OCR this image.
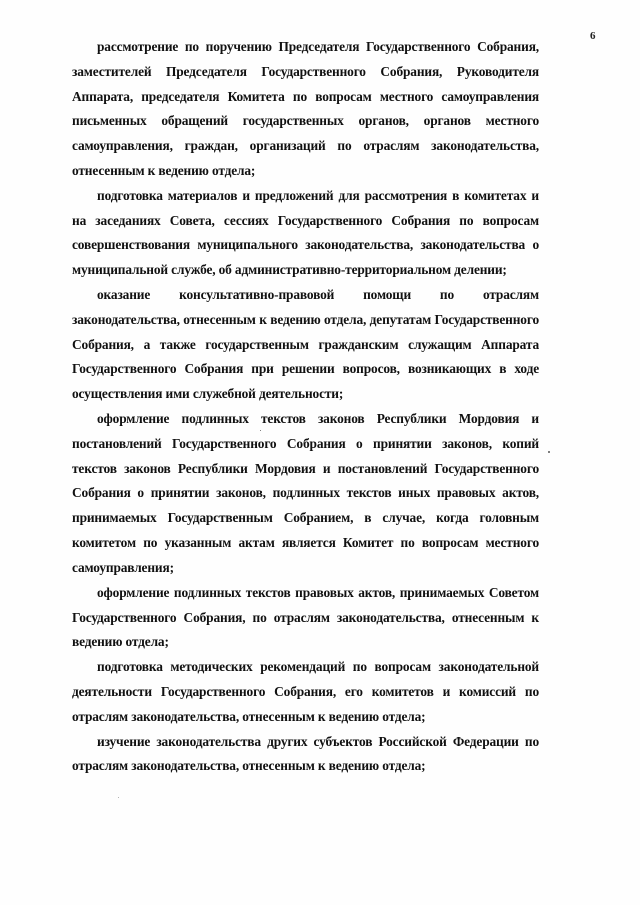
6

рассмотрение по поручению Председателя Государственного Собрания, заместителей Председателя Государственного Собрания, Руководителя Аппарата, председателя Комитета по вопросам местного самоуправления письменных обращений государственных органов, органов местного самоуправления, граждан, организаций по отраслям законодательства, отнесенным к ведению отдела;

подготовка материалов и предложений для рассмотрения в комитетах и на заседаниях Совета, сессиях Государственного Собрания по вопросам совершенствования муниципального законодательства, законодательства о муниципальной службе, об административно-территориальном делении;

оказание консультативно-правовой помощи по отраслям законодательства, отнесенным к ведению отдела, депутатам Государственного Собрания, а также государственным гражданским служащим Аппарата Государственного Собрания при решении вопросов, возникающих в ходе осуществления ими служебной деятельности;

оформление подлинных текстов законов Республики Мордовия и постановлений Государственного Собрания о принятии законов, копий текстов законов Республики Мордовия и постановлений Государственного Собрания о принятии законов, подлинных текстов иных правовых актов, принимаемых Государственным Собранием, в случае, когда головным комитетом по указанным актам является Комитет по вопросам местного самоуправления;

оформление подлинных текстов правовых актов, принимаемых Советом Государственного Собрания, по отраслям законодательства, отнесенным к ведению отдела;

подготовка методических рекомендаций по вопросам законодательной деятельности Государственного Собрания, его комитетов и комиссий по отраслям законодательства, отнесенным к ведению отдела;

изучение законодательства других субъектов Российской Федерации по отраслям законодательства, отнесенным к ведению отдела;
